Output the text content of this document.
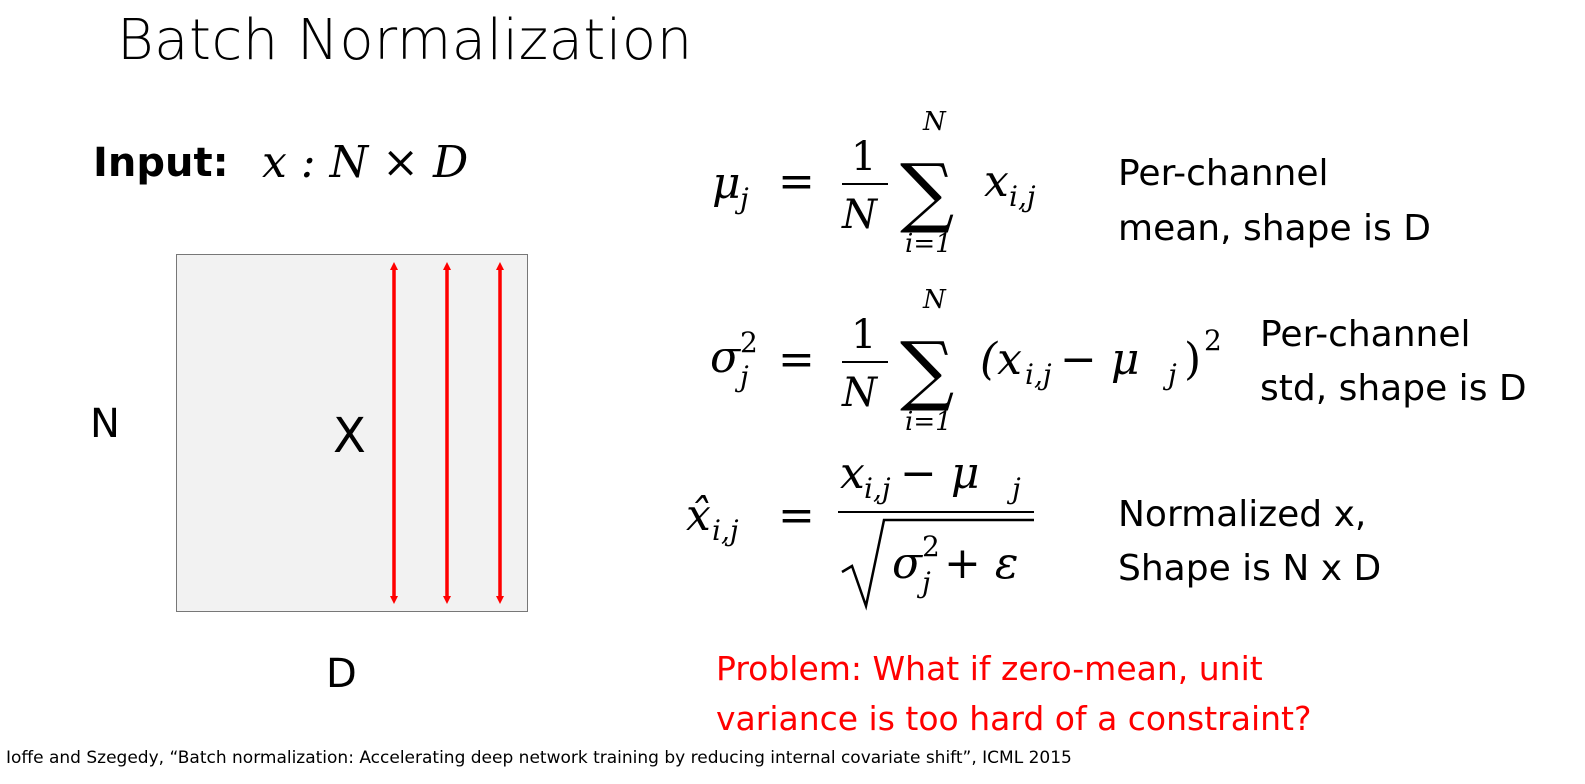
Batch Normalization
Input: x : N × D
N	X
D
μ j = 1
N
N
∑
i=1
x i,j
Per-channel
mean, shape is D
σ 2
j = 1
N
N
∑
i=1
(x i,j − μ j ) 2 Per-channel
std, shape is D
x̂ i,j =
x i,j − μ j
σ 2
j + ε
Normalized x,
Shape is N x D
Problem: What if zero-mean, unit
variance is too hard of a constraint?
Ioffe and Szegedy, “Batch normalization: Accelerating deep network training by reducing internal covariate shift”, ICML 2015
